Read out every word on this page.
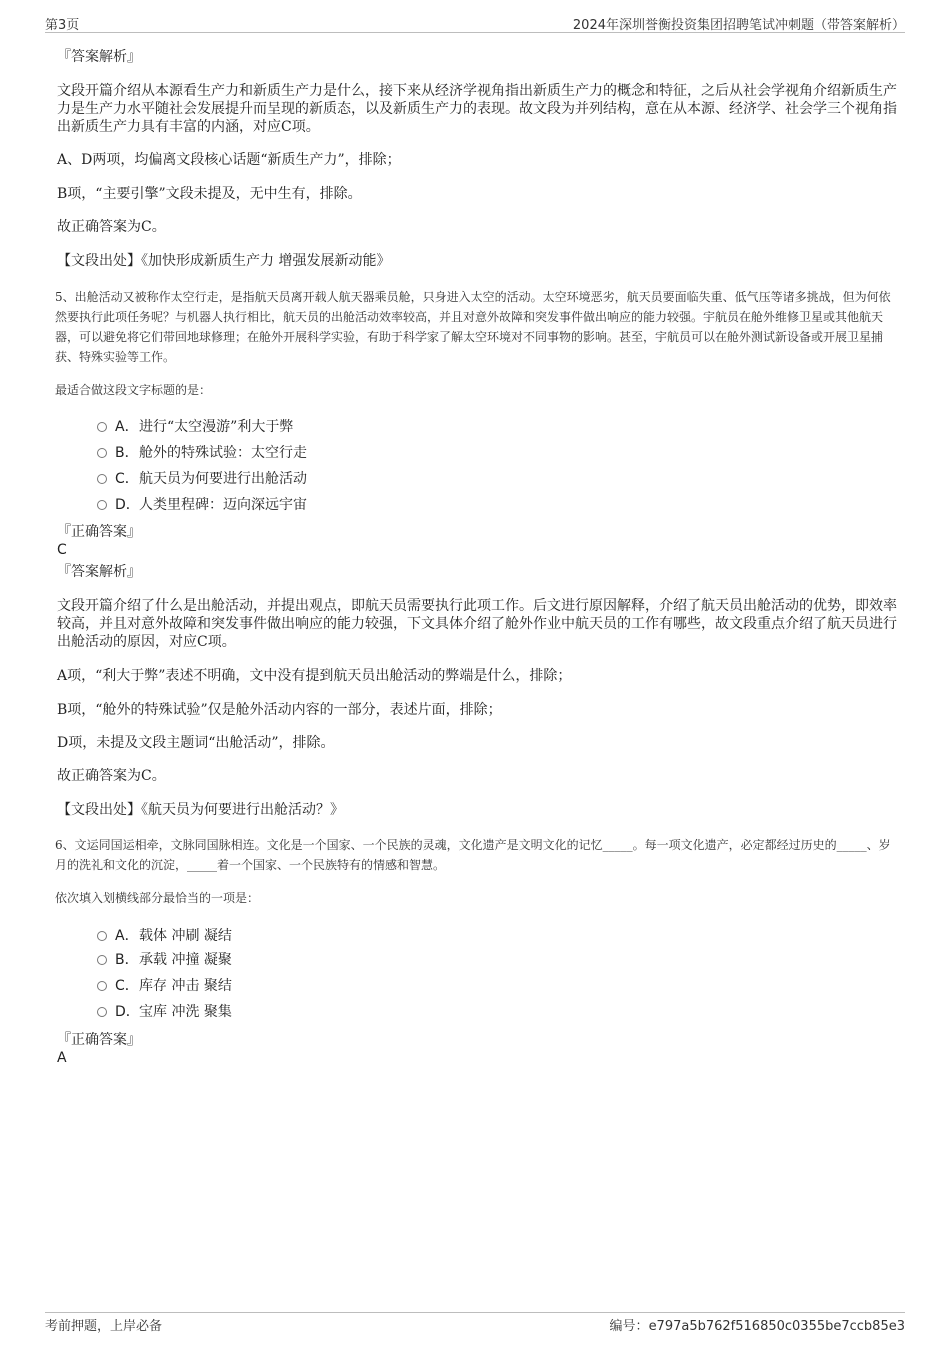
第3页	2024年深圳誉衡投资集团招聘笔试冲刺题（带答案解析）
『答案解析』
文段开篇介绍从本源看生产力和新质生产力是什么，接下来从经济学视角指出新质生产力的概念和特征，之后从社会学视角介绍新质生产力是生产力水平随社会发展提升而呈现的新质态，以及新质生产力的表现。故文段为并列结构，意在从本源、经济学、社会学三个视角指出新质生产力具有丰富的内涵，对应C项。
A、D两项，均偏离文段核心话题“新质生产力”，排除；
B项，“主要引擎”文段未提及，无中生有，排除。
故正确答案为C。
【文段出处】《加快形成新质生产力 增强发展新动能》
5、出舱活动又被称作太空行走，是指航天员离开载人航天器乘员舱，只身进入太空的活动。太空环境恶劣，航天员要面临失重、低气压等诸多挑战，但为何依然要执行此项任务呢？与机器人执行相比，航天员的出舱活动效率较高，并且对意外故障和突发事件做出响应的能力较强。宇航员在舱外维修卫星或其他航天器，可以避免将它们带回地球修理；在舱外开展科学实验，有助于科学家了解太空环境对不同事物的影响。甚至，宇航员可以在舱外测试新设备或开展卫星捕获、特殊实验等工作。
最适合做这段文字标题的是：
A．进行“太空漫游”利大于弊
B．舱外的特殊试验：太空行走
C．航天员为何要进行出舱活动
D．人类里程碑：迈向深远宇宙
『正确答案』
C
『答案解析』
文段开篇介绍了什么是出舱活动，并提出观点，即航天员需要执行此项工作。后文进行原因解释，介绍了航天员出舱活动的优势，即效率较高，并且对意外故障和突发事件做出响应的能力较强，下文具体介绍了舱外作业中航天员的工作有哪些，故文段重点介绍了航天员进行出舱活动的原因，对应C项。
A项，“利大于弊”表述不明确，文中没有提到航天员出舱活动的弊端是什么，排除；
B项，“舱外的特殊试验”仅是舱外活动内容的一部分，表述片面，排除；
D项，未提及文段主题词“出舱活动”，排除。
故正确答案为C。
【文段出处】《航天员为何要进行出舱活动？》
6、文运同国运相牵，文脉同国脉相连。文化是一个国家、一个民族的灵魂，文化遗产是文明文化的记忆_____。每一项文化遗产，必定都经过历史的_____、岁月的洗礼和文化的沉淀，_____着一个国家、一个民族特有的情感和智慧。
依次填入划横线部分最恰当的一项是：
A．载体 冲刷 凝结
B．承载 冲撞 凝聚
C．库存 冲击 聚结
D．宝库 冲洗 聚集
『正确答案』
A
考前押题，上岸必备	编号：e797a5b762f516850c0355be7ccb85e3
